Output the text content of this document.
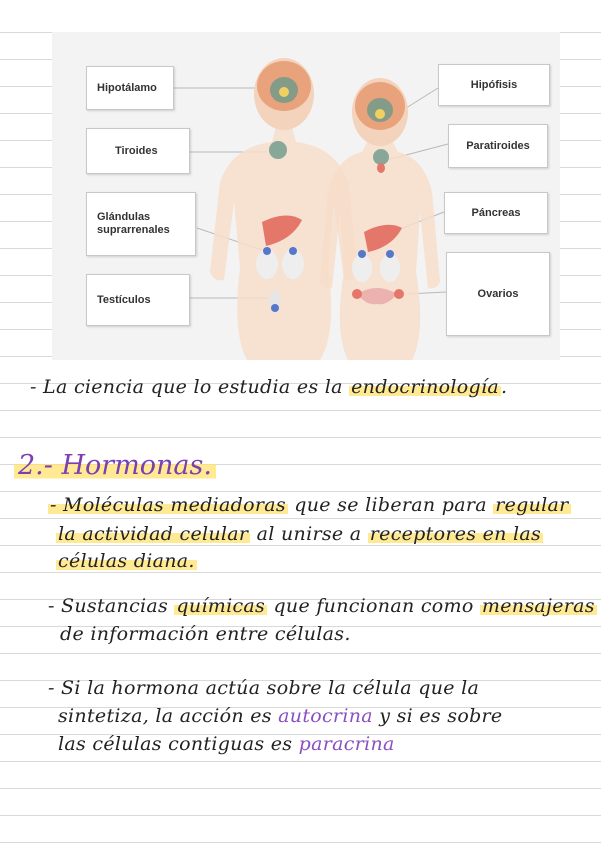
Hipotálamo
Tiroides
Glándulas suprarrenales
Testículos
Hipófisis
Paratiroides
Páncreas
Ovarios
- La ciencia que lo estudia es la endocrinología .
2.- Hormonas.
- Moléculas mediadoras que se liberan para regular
la actividad celular al unirse a receptores en las
células diana.
- Sustancias químicas que funcionan como mensajeras
de información entre células.
- Si la hormona actúa sobre la célula que la
sintetiza, la acción es autocrina y si es sobre
las células contiguas es paracrina
